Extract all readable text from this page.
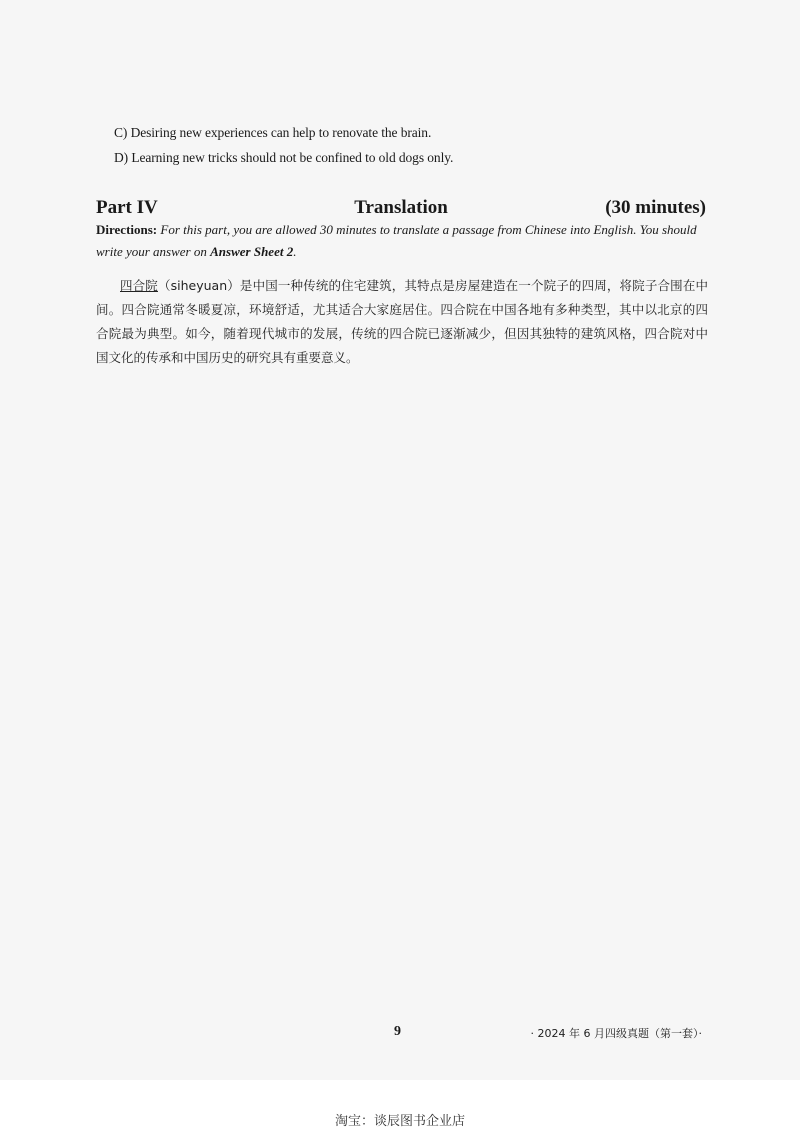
C) Desiring new experiences can help to renovate the brain.
D) Learning new tricks should not be confined to old dogs only.
Part IV	Translation	(30 minutes)
Directions: For this part, you are allowed 30 minutes to translate a passage from Chinese into English. You should write your answer on Answer Sheet 2.
四合院（siheyuan）是中国一种传统的住宅建筑，其特点是房屋建造在一个院子的四周，将院子合围在中间。四合院通常冬暖夏凉，环境舒适，尤其适合大家庭居住。四合院在中国各地有多种类型，其中以北京的四合院最为典型。如今，随着现代城市的发展，传统的四合院已逐渐减少，但因其独特的建筑风格，四合院对中国文化的传承和中国历史的研究具有重要意义。
9	· 2024 年 6 月四级真题（第一套）·
淘宝：谈辰图书企业店
